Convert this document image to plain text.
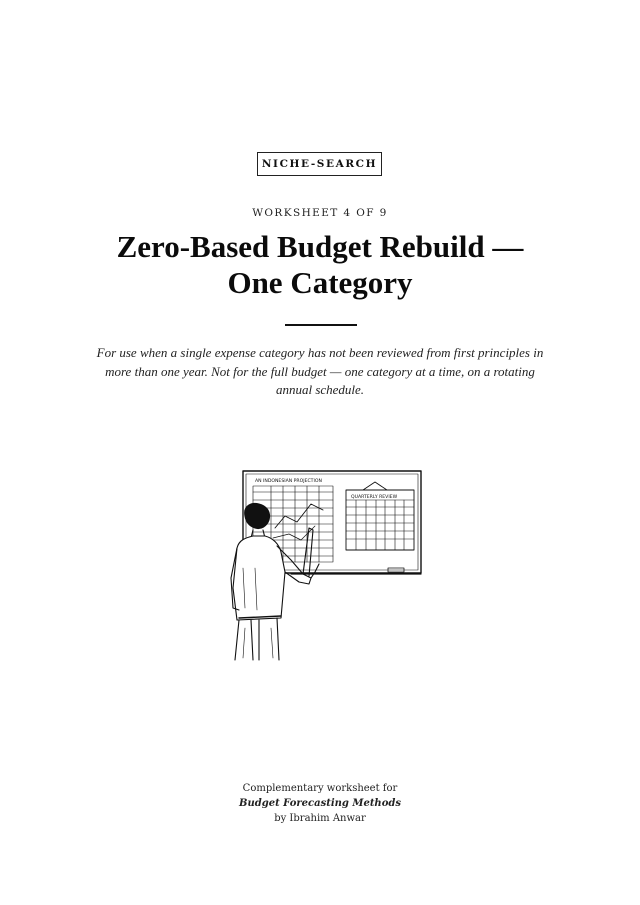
NICHE-SEARCH
WORKSHEET 4 OF 9
Zero-Based Budget Rebuild —
One Category

For use when a single expense category has not been reviewed from first principles in more than one year. Not for the full budget — one category at a time, on a rotating annual schedule.

AN INDONESIAN PROJECTION
QUARTERLY REVIEW
Complementary worksheet for
Budget Forecasting Methods
by Ibrahim Anwar
